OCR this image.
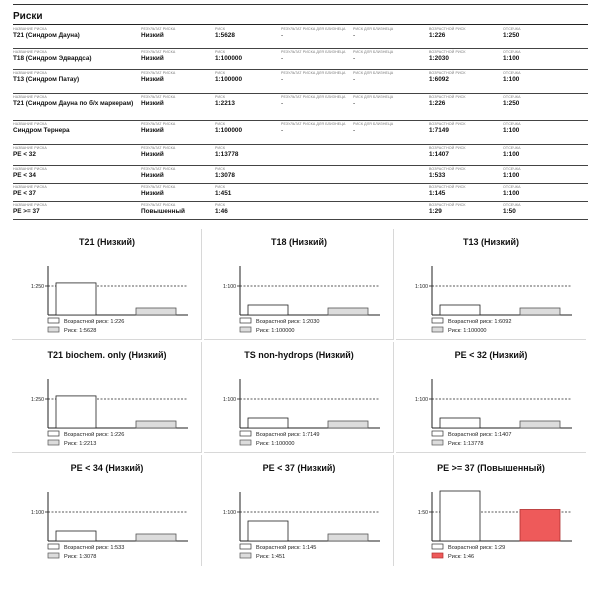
Риски
НАЗВАНИЕ РИСКА
T21 (Синдром Дауна)
РЕЗУЛЬТАТ РИСКА
Низкий
РИСК
1:5628
РЕЗУЛЬТАТ РИСКА ДЛЯ БЛИЗНЕЦА
-
РИСК ДЛЯ БЛИЗНЕЦА
-
ВОЗРАСТНОЙ РИСК
1:226
ОТСЕЧКА
1:250
НАЗВАНИЕ РИСКА
T18 (Синдром Эдвардса)
РЕЗУЛЬТАТ РИСКА
Низкий
РИСК
1:100000
РЕЗУЛЬТАТ РИСКА ДЛЯ БЛИЗНЕЦА
-
РИСК ДЛЯ БЛИЗНЕЦА
-
ВОЗРАСТНОЙ РИСК
1:2030
ОТСЕЧКА
1:100
НАЗВАНИЕ РИСКА
T13 (Синдром Патау)
РЕЗУЛЬТАТ РИСКА
Низкий
РИСК
1:100000
РЕЗУЛЬТАТ РИСКА ДЛЯ БЛИЗНЕЦА
-
РИСК ДЛЯ БЛИЗНЕЦА
-
ВОЗРАСТНОЙ РИСК
1:6092
ОТСЕЧКА
1:100
НАЗВАНИЕ РИСКА
T21 (Синдром Дауна по б/х маркерам)
РЕЗУЛЬТАТ РИСКА
Низкий
РИСК
1:2213
РЕЗУЛЬТАТ РИСКА ДЛЯ БЛИЗНЕЦА
-
РИСК ДЛЯ БЛИЗНЕЦА
-
ВОЗРАСТНОЙ РИСК
1:226
ОТСЕЧКА
1:250
НАЗВАНИЕ РИСКА
Синдром Тернера
РЕЗУЛЬТАТ РИСКА
Низкий
РИСК
1:100000
РЕЗУЛЬТАТ РИСКА ДЛЯ БЛИЗНЕЦА
-
РИСК ДЛЯ БЛИЗНЕЦА
-
ВОЗРАСТНОЙ РИСК
1:7149
ОТСЕЧКА
1:100
НАЗВАНИЕ РИСКА
PE < 32
РЕЗУЛЬТАТ РИСКА
Низкий
РИСК
1:13778
ВОЗРАСТНОЙ РИСК
1:1407
ОТСЕЧКА
1:100
НАЗВАНИЕ РИСКА
PE < 34
РЕЗУЛЬТАТ РИСКА
Низкий
РИСК
1:3078
ВОЗРАСТНОЙ РИСК
1:533
ОТСЕЧКА
1:100
НАЗВАНИЕ РИСКА
PE < 37
РЕЗУЛЬТАТ РИСКА
Низкий
РИСК
1:451
ВОЗРАСТНОЙ РИСК
1:145
ОТСЕЧКА
1:100
НАЗВАНИЕ РИСКА
PE >= 37
РЕЗУЛЬТАТ РИСКА
Повышенный
РИСК
1:46
ВОЗРАСТНОЙ РИСК
1:29
ОТСЕЧКА
1:50
T21 (Низкий)
1:250
Возрастной риск: 1:226
Риск: 1:5628
T18 (Низкий)
1:100
Возрастной риск: 1:2030
Риск: 1:100000
T13 (Низкий)
1:100
Возрастной риск: 1:6092
Риск: 1:100000
T21 biochem. only (Низкий)
1:250
Возрастной риск: 1:226
Риск: 1:2213
TS non-hydrops (Низкий)
1:100
Возрастной риск: 1:7149
Риск: 1:100000
PE < 32 (Низкий)
1:100
Возрастной риск: 1:1407
Риск: 1:13778
PE < 34 (Низкий)
1:100
Возрастной риск: 1:533
Риск: 1:3078
PE < 37 (Низкий)
1:100
Возрастной риск: 1:145
Риск: 1:451
PE >= 37 (Повышенный)
1:50
Возрастной риск: 1:29
Риск: 1:46
